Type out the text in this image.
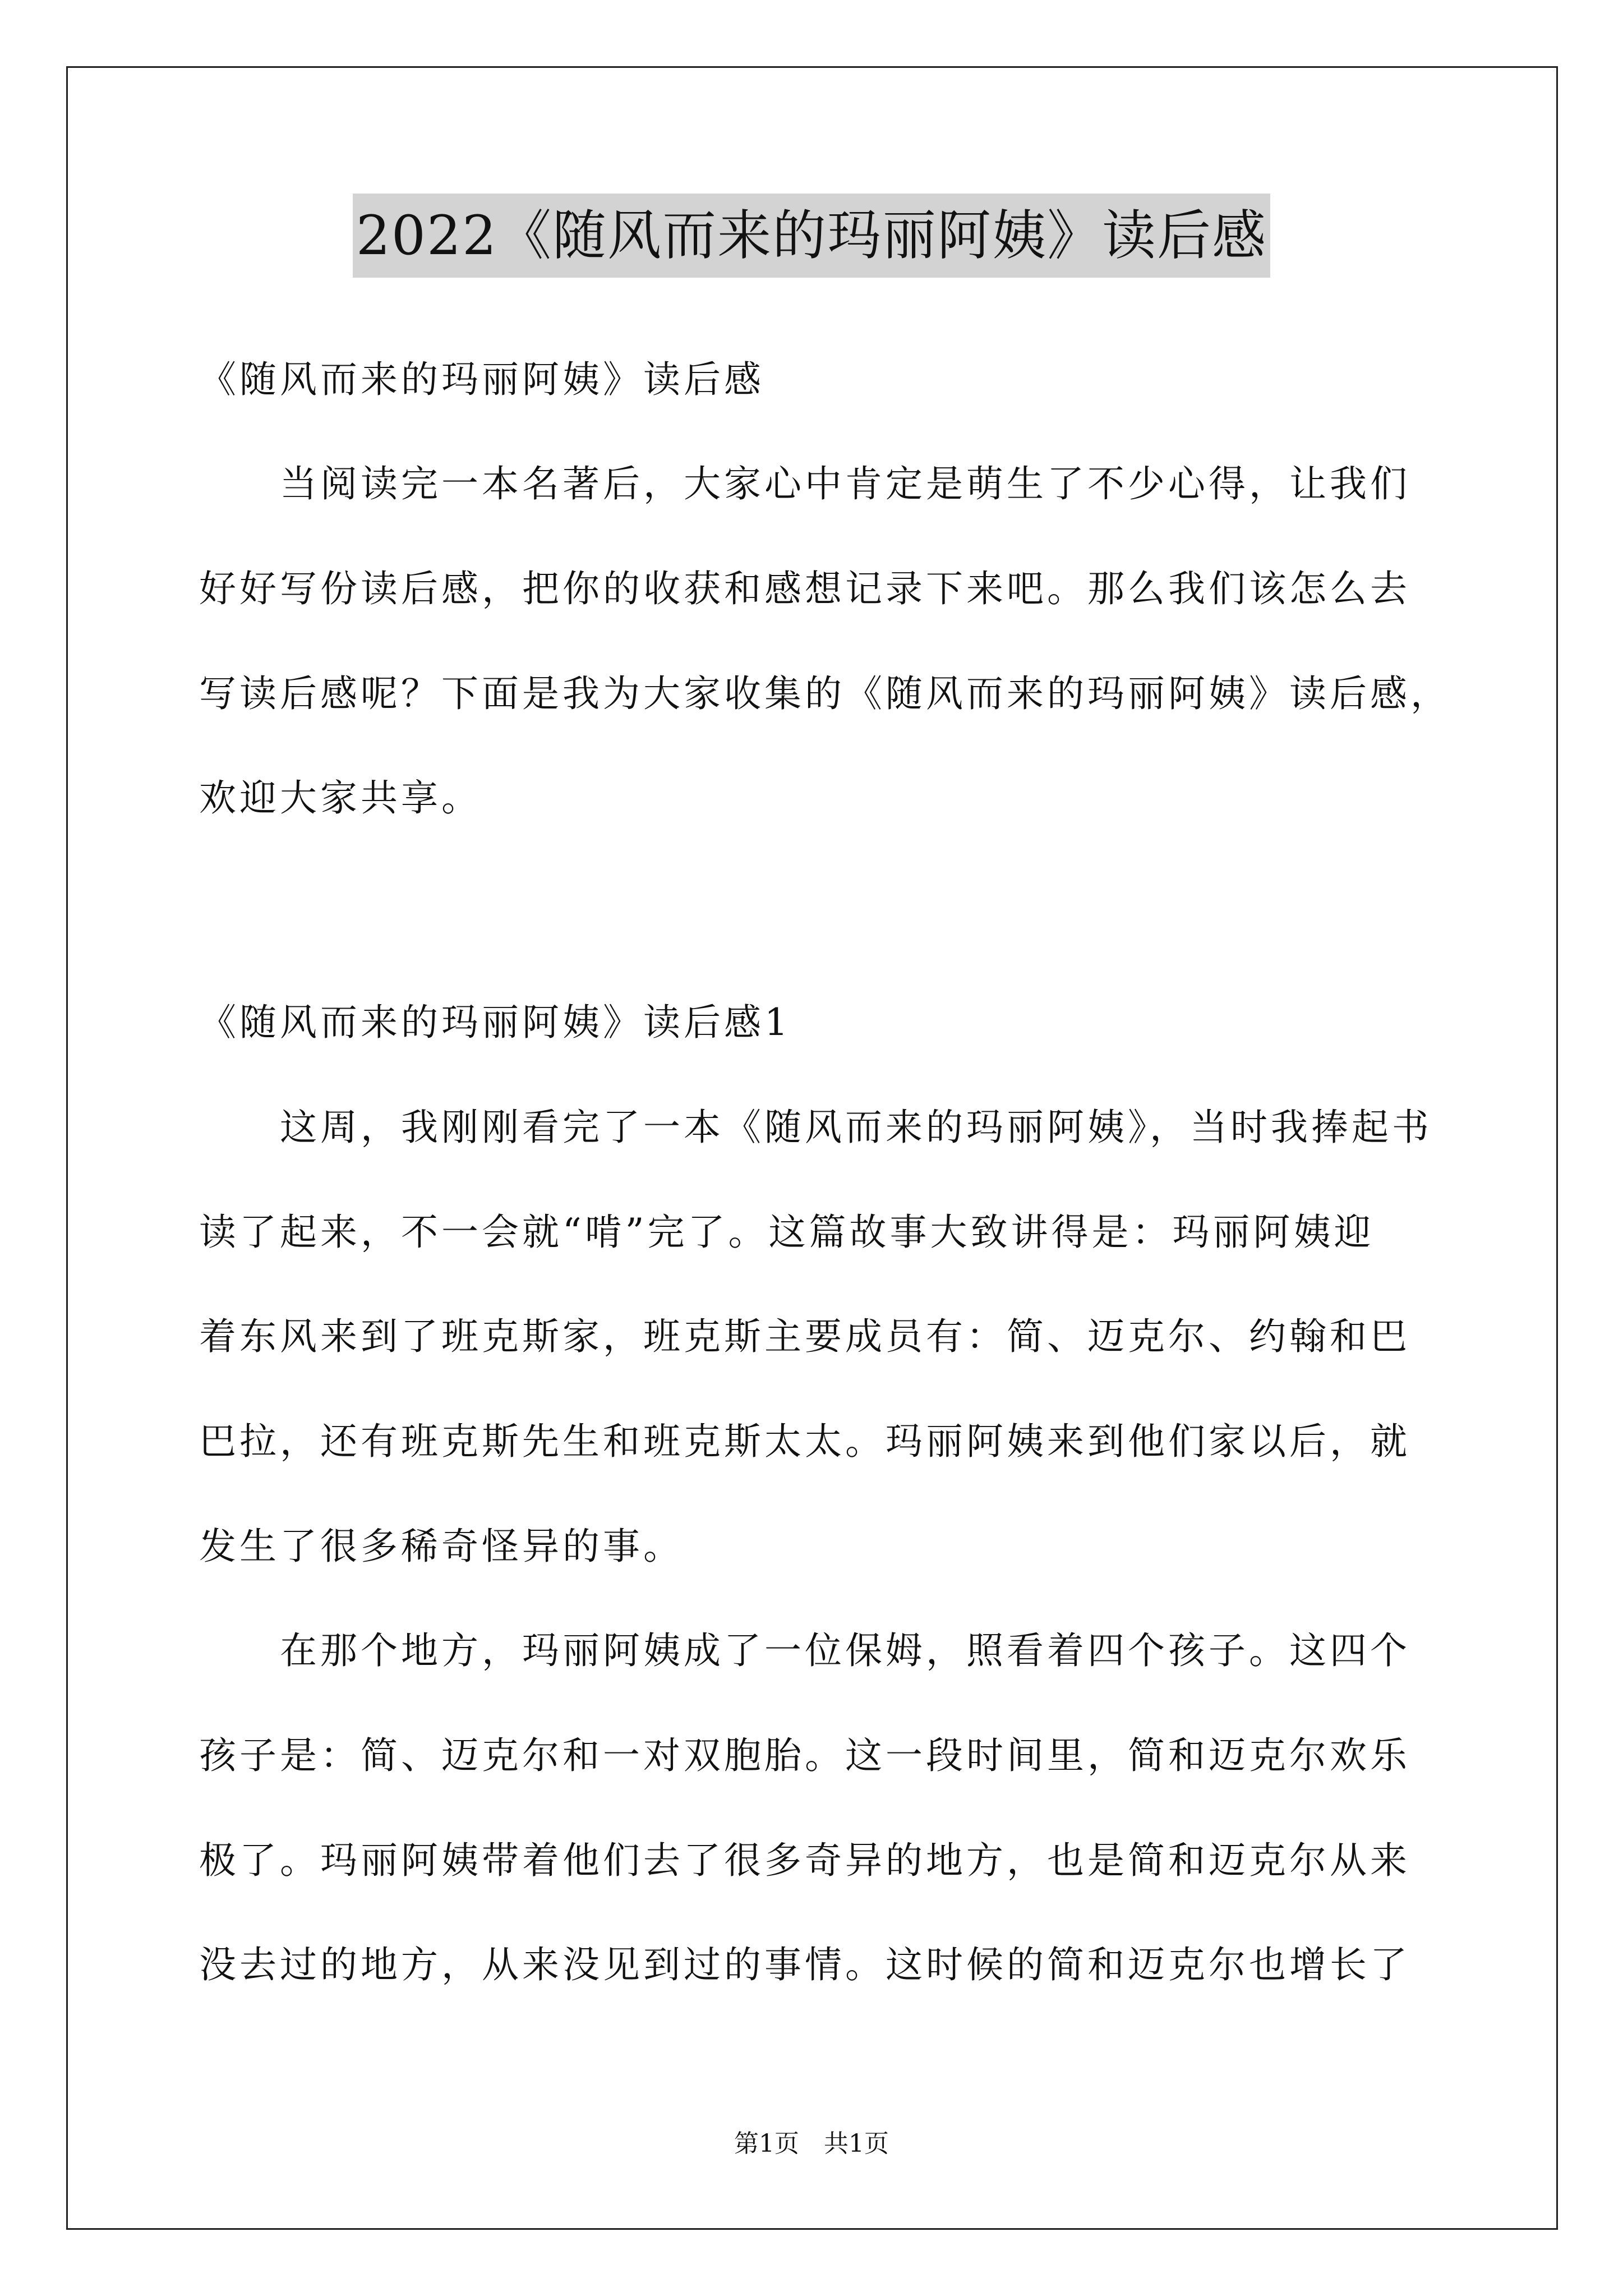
2022《随风而来的玛丽阿姨》读后感
《随风而来的玛丽阿姨》读后感
　　当阅读完一本名著后，大家心中肯定是萌生了不少心得，让我们
好好写份读后感，把你的收获和感想记录下来吧。那么我们该怎么去
写读后感呢？下面是我为大家收集的《随风而来的玛丽阿姨》读后感，
欢迎大家共享。
《随风而来的玛丽阿姨》读后感1
　　这周，我刚刚看完了一本《随风而来的玛丽阿姨》，当时我捧起书
读了起来，不一会就“啃”完了。这篇故事大致讲得是：玛丽阿姨迎
着东风来到了班克斯家，班克斯主要成员有：简、迈克尔、约翰和巴
巴拉，还有班克斯先生和班克斯太太。玛丽阿姨来到他们家以后，就
发生了很多稀奇怪异的事。
　　在那个地方，玛丽阿姨成了一位保姆，照看着四个孩子。这四个
孩子是：简、迈克尔和一对双胞胎。这一段时间里，简和迈克尔欢乐
极了。玛丽阿姨带着他们去了很多奇异的地方，也是简和迈克尔从来
没去过的地方，从来没见到过的事情。这时候的简和迈克尔也增长了
第1页　共1页
